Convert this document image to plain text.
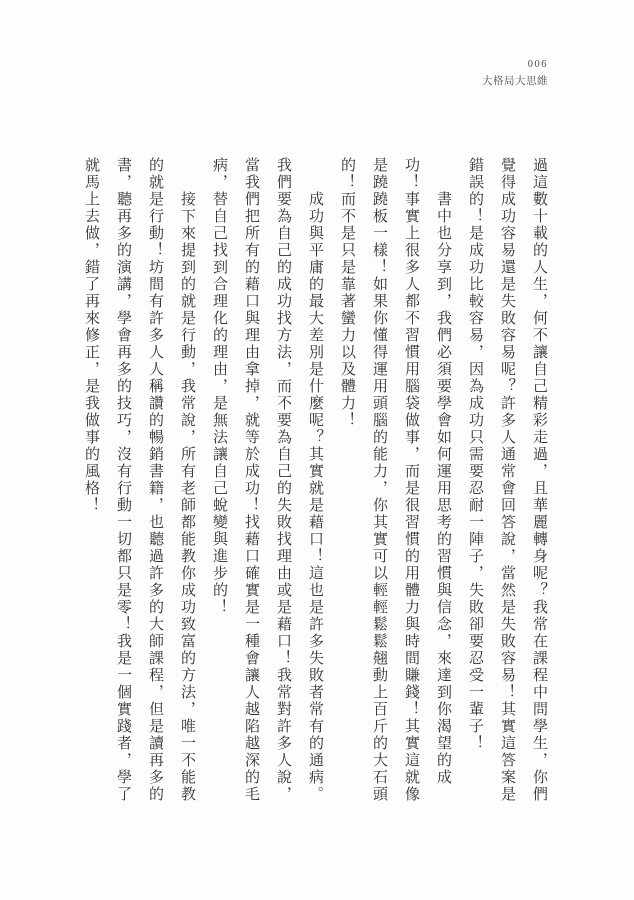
006
大格局大思維

過這數十載的人生，何不讓自己精彩走過，且華麗轉身呢？我常在課程中問學生，你們覺得成功容易還是失敗容易呢？許多人通常會回答說，當然是失敗容易！其實這答案是錯誤的！是成功比較容易，因為成功只需要忍耐一陣子，失敗卻要忍受一輩子！

書中也分享到，我們必須要學會如何運用思考的習慣與信念，來達到你渴望的成功！事實上很多人都不習慣用腦袋做事，而是很習慣的用體力與時間賺錢！其實這就像是蹺蹺板一樣！如果你懂得運用頭腦的能力，你其實可以輕輕鬆鬆翹動上百斤的大石頭的！而不是只是靠著蠻力以及體力！

成功與平庸的最大差別是什麼呢？其實就是藉口！這也是許多失敗者常有的通病。我們要為自己的成功找方法，而不要為自己的失敗找理由或是藉口！我常對許多人說，當我們把所有的藉口與理由拿掉，就等於成功！找藉口確實是一種會讓人越陷越深的毛病，替自己找到合理化的理由，是無法讓自己蛻變與進步的！

接下來提到的就是行動，我常說，所有老師都能教你成功致富的方法，唯一不能教的就是行動！坊間有許多人人稱讚的暢銷書籍，也聽過許多的大師課程，但是讀再多的書，聽再多的演講，學會再多的技巧，沒有行動一切都只是零！我是一個實踐者，學了就馬上去做，錯了再來修正，是我做事的風格！
